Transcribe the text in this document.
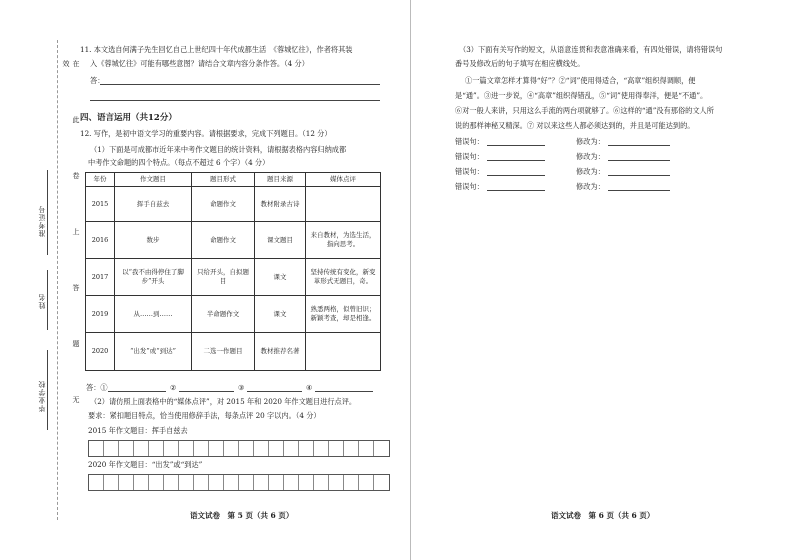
在此卷上答题无效
准考证号
姓名
毕业学校
11. 本文选自何满子先生回忆自己上世纪四十年代成都生活　《蓉城忆往》，作者将其装
入《蓉城忆往》可能有哪些意图？请结合文章内容分条作答。（4 分）
答：
四、语言运用（共12分）
12. 写作，是初中语文学习的重要内容。请根据要求，完成下列题目。（12 分）
（1）下面是可成都市近年来中考作文题目的统计资料，请根据表格内容归纳成都
中考作文命题的四个特点。（每点不超过 6 个字）（4 分）
年份	作文题目	题目形式	题目来源	媒体点评
2015	挥手自兹去	命题作文	教材附录古诗	
2016	数步	命题作文	课文题目	来自教材，为选生活，指向思考。
2017	以“我不由得停住了脚步”开头	只给开头，自拟题目	课文	坚持传统有变化，新变革形式无题目，奇。
2019	从……到……	半命题作文	课文	熟悉两格，似曾旧识；新颖考查，却是相逢。
2020	“出发”或“到达”	二选一作题目	教材推荐名著	
答：①	②	③	④
（2）请仿照上面表格中的“媒体点评”，对 2015 年和 2020 年作文题目进行点评。
要求：紧扣题目特点，恰当使用修辞手法，每条点评 20 字以内。（4 分）
2015 年作文题目：挥手自兹去
2020 年作文题目：“出发”或“到达”
语文试卷　第 5 页（共 6 页）
（3）下面有关写作的短文，从语意连贯和表意准确来看，有四处错误，请将错误句
番号及修改后的句子填写在相应横线处。
①一篇文章怎样才算得“好”？②“词”使用得适合，“高章”组织得调顺，便
是“通”。③进一步说，④“高章”组织得错乱，⑤“词”使用得奉洋，便是“不通”。
⑥对一般人来讲，只用这么手流的两台项就够了。⑥这样的“通”没有那俗的文人所
说的那样神秘又精深。⑦ 对以来这些人都必须达到的，并且是可能达到的。
错误句：	修改为：
错误句：	修改为：
错误句：	修改为：
错误句：	修改为：
语文试卷　第 6 页（共 6 页）
